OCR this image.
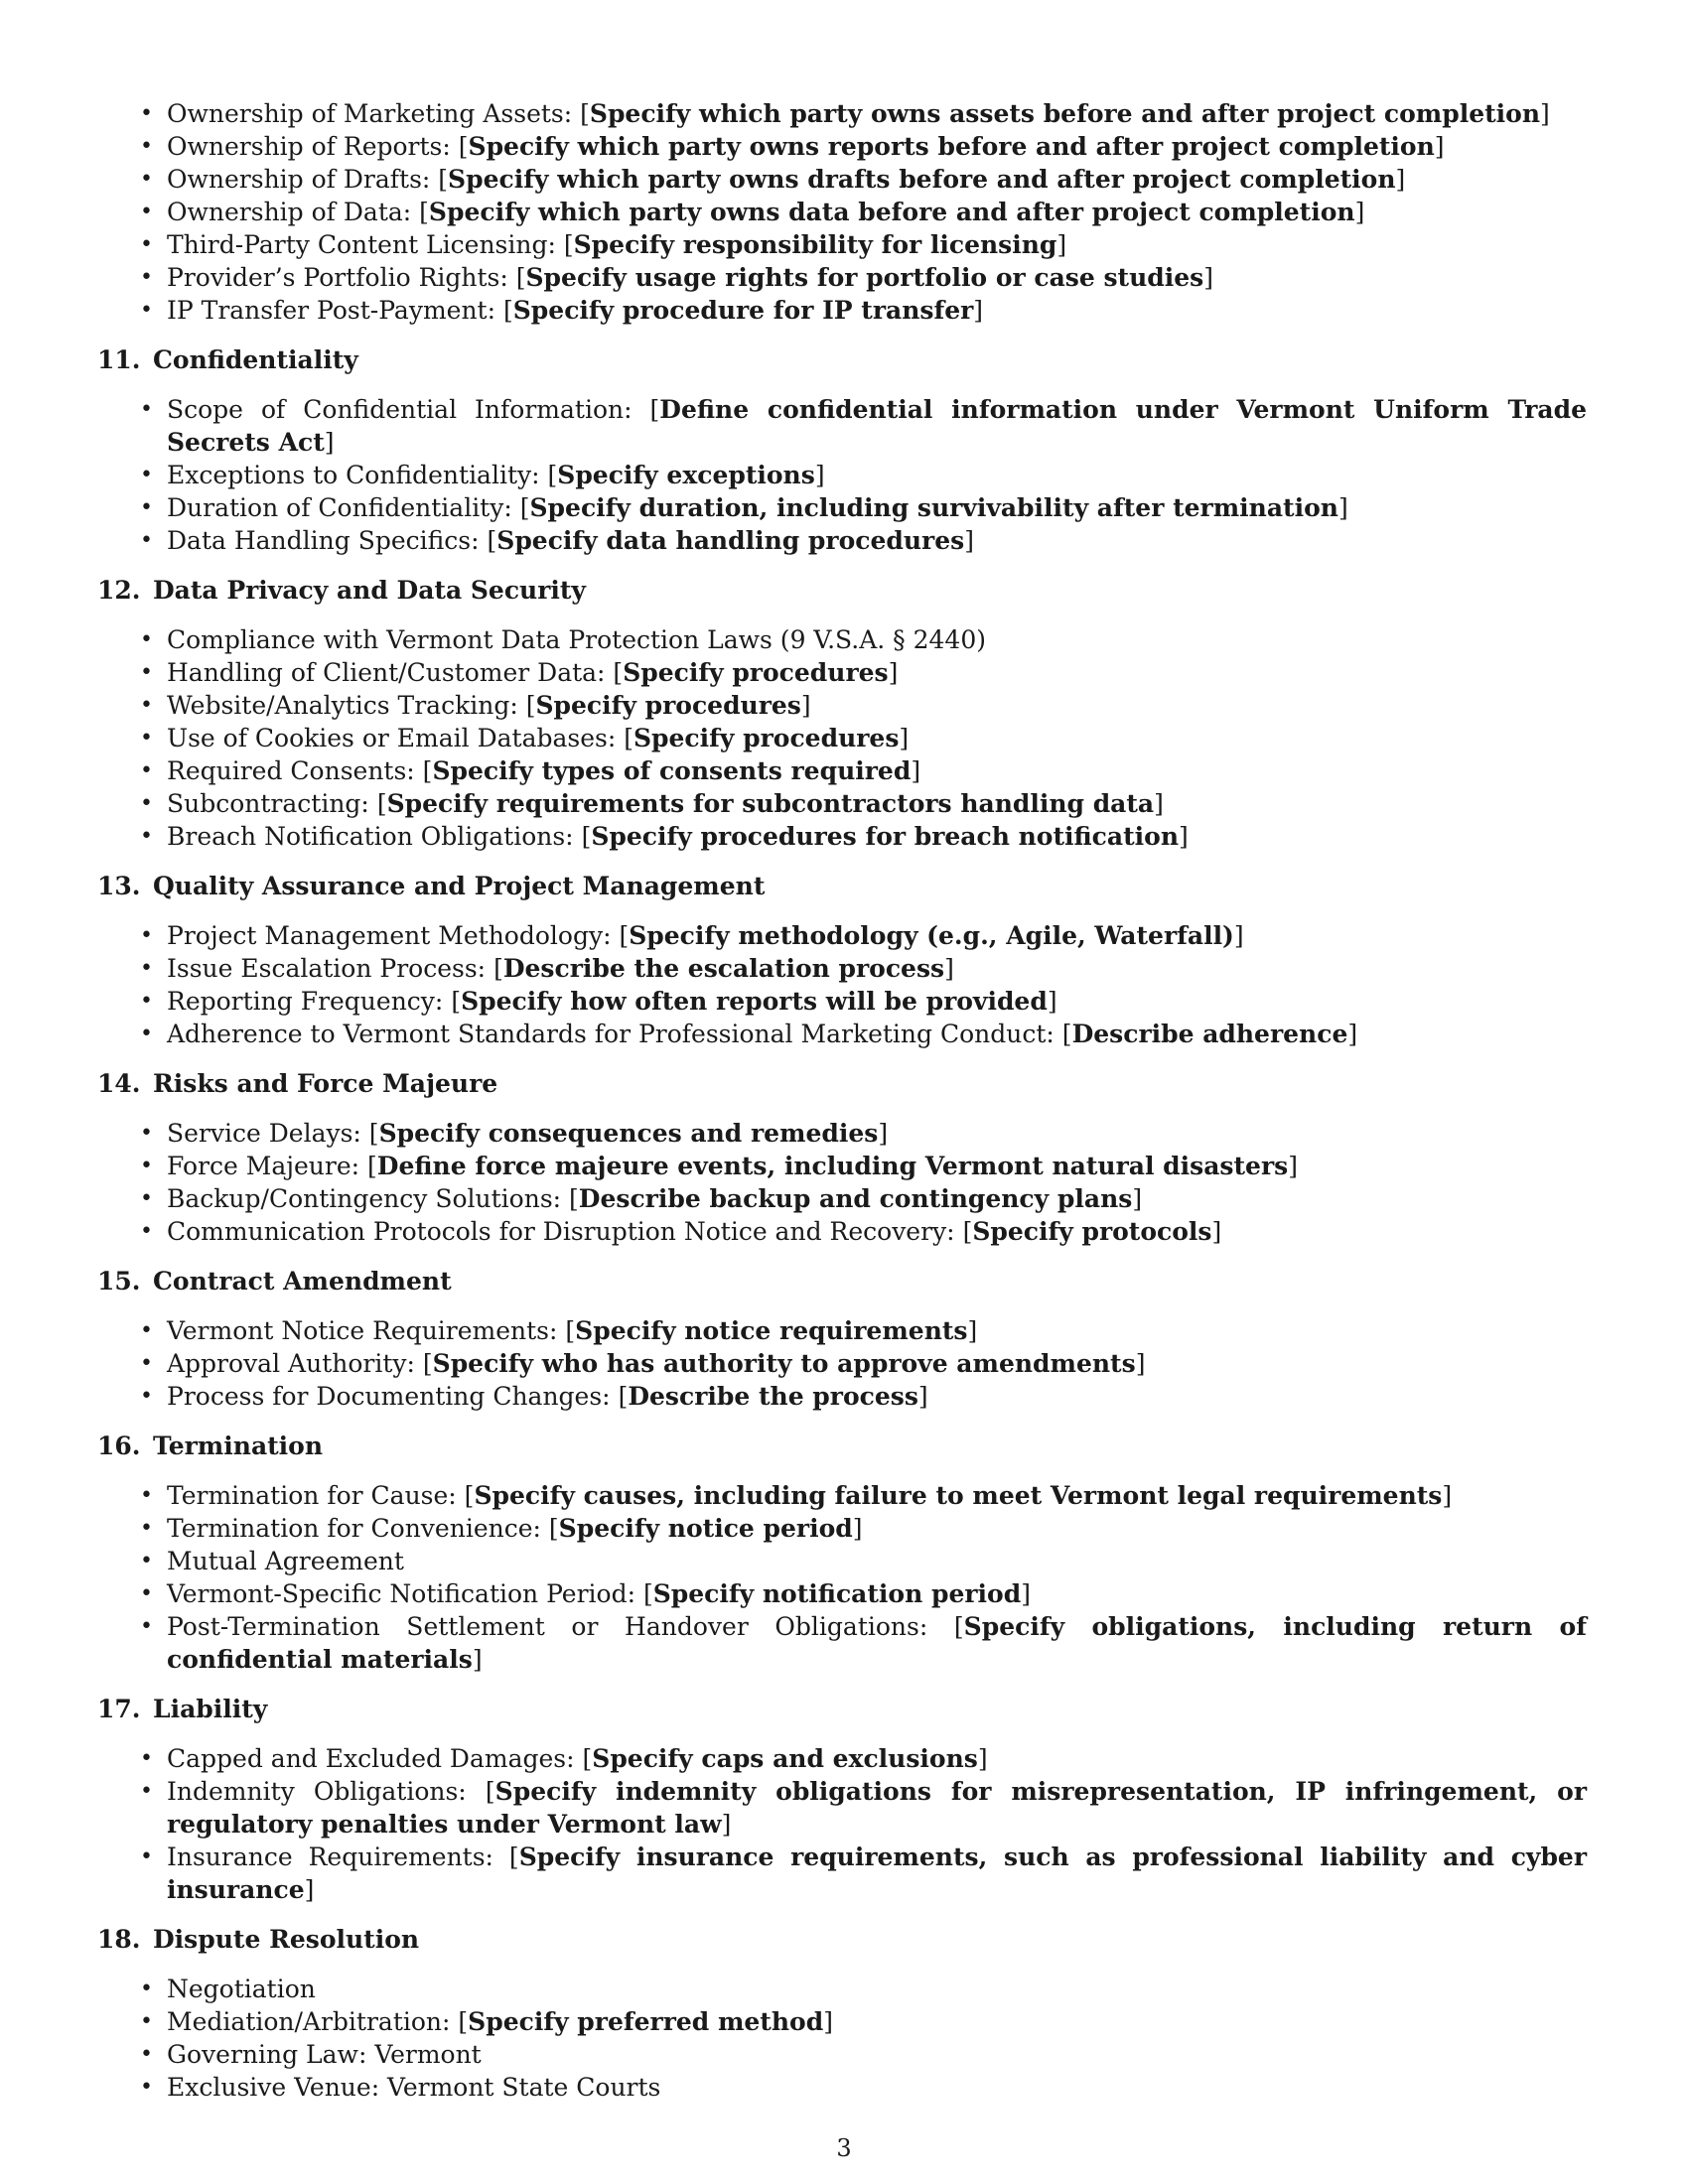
• Ownership of Marketing Assets: [Specify which party owns assets before and after project completion]
• Ownership of Reports: [Specify which party owns reports before and after project completion]
• Ownership of Drafts: [Specify which party owns drafts before and after project completion]
• Ownership of Data: [Specify which party owns data before and after project completion]
• Third-Party Content Licensing: [Specify responsibility for licensing]
• Provider’s Portfolio Rights: [Specify usage rights for portfolio or case studies]
• IP Transfer Post-Payment: [Specify procedure for IP transfer]
11. Confidentiality
• Scope of Confidential Information: [Define confidential information under Vermont Uniform Trade Secrets Act]
• Exceptions to Confidentiality: [Specify exceptions]
• Duration of Confidentiality: [Specify duration, including survivability after termination]
• Data Handling Specifics: [Specify data handling procedures]
12. Data Privacy and Data Security
• Compliance with Vermont Data Protection Laws (9 V.S.A. § 2440)
• Handling of Client/Customer Data: [Specify procedures]
• Website/Analytics Tracking: [Specify procedures]
• Use of Cookies or Email Databases: [Specify procedures]
• Required Consents: [Specify types of consents required]
• Subcontracting: [Specify requirements for subcontractors handling data]
• Breach Notification Obligations: [Specify procedures for breach notification]
13. Quality Assurance and Project Management
• Project Management Methodology: [Specify methodology (e.g., Agile, Waterfall)]
• Issue Escalation Process: [Describe the escalation process]
• Reporting Frequency: [Specify how often reports will be provided]
• Adherence to Vermont Standards for Professional Marketing Conduct: [Describe adherence]
14. Risks and Force Majeure
• Service Delays: [Specify consequences and remedies]
• Force Majeure: [Define force majeure events, including Vermont natural disasters]
• Backup/Contingency Solutions: [Describe backup and contingency plans]
• Communication Protocols for Disruption Notice and Recovery: [Specify protocols]
15. Contract Amendment
• Vermont Notice Requirements: [Specify notice requirements]
• Approval Authority: [Specify who has authority to approve amendments]
• Process for Documenting Changes: [Describe the process]
16. Termination
• Termination for Cause: [Specify causes, including failure to meet Vermont legal requirements]
• Termination for Convenience: [Specify notice period]
• Mutual Agreement
• Vermont-Specific Notification Period: [Specify notification period]
• Post-Termination Settlement or Handover Obligations: [Specify obligations, including return of confidential materials]
17. Liability
• Capped and Excluded Damages: [Specify caps and exclusions]
• Indemnity Obligations: [Specify indemnity obligations for misrepresentation, IP infringement, or regulatory penalties under Vermont law]
• Insurance Requirements: [Specify insurance requirements, such as professional liability and cyber insurance]
18. Dispute Resolution
• Negotiation
• Mediation/Arbitration: [Specify preferred method]
• Governing Law: Vermont
• Exclusive Venue: Vermont State Courts
3
